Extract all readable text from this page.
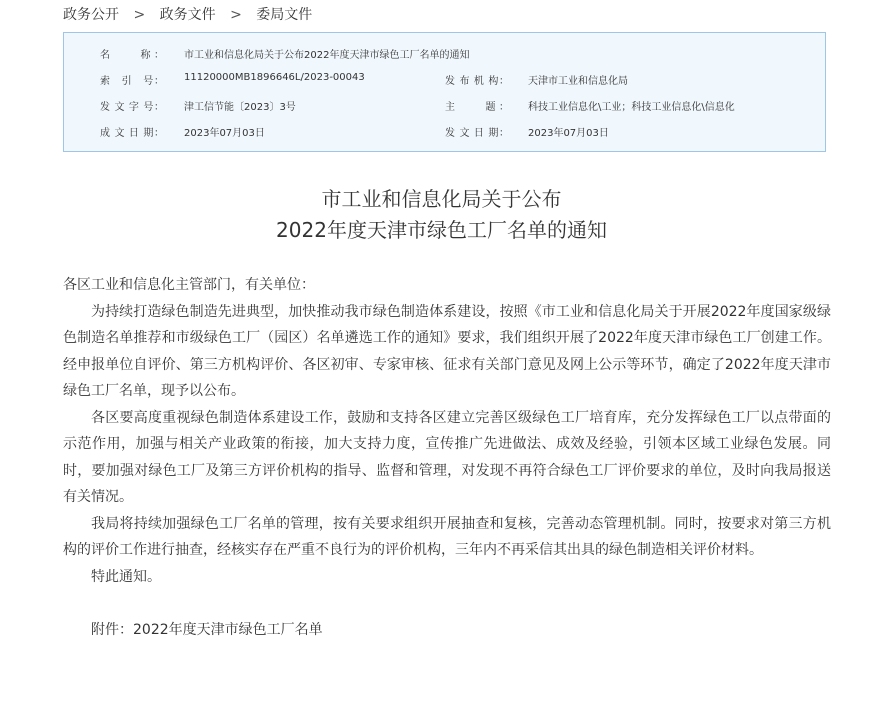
政务公开 > 政务文件 > 委局文件
名　　称： 市工业和信息化局关于公布2022年度天津市绿色工厂名单的通知
索　引　号： 11120000MB1896646L/2023-00043	发 布 机 构： 天津市工业和信息化局
发 文 字 号： 津工信节能〔2023〕3号	主　　题： 科技工业信息化\工业；科技工业信息化\信息化
成 文 日 期： 2023年07月03日	发 文 日 期： 2023年07月03日
市工业和信息化局关于公布
2022年度天津市绿色工厂名单的通知

各区工业和信息化主管部门，有关单位：

为持续打造绿色制造先进典型，加快推动我市绿色制造体系建设，按照《市工业和信息化局关于开展2022年度国家级绿色制造名单推荐和市级绿色工厂（园区）名单遴选工作的通知》要求，我们组织开展了2022年度天津市绿色工厂创建工作。经申报单位自评价、第三方机构评价、各区初审、专家审核、征求有关部门意见及网上公示等环节，确定了2022年度天津市绿色工厂名单，现予以公布。

各区要高度重视绿色制造体系建设工作，鼓励和支持各区建立完善区级绿色工厂培育库，充分发挥绿色工厂以点带面的示范作用，加强与相关产业政策的衔接，加大支持力度，宣传推广先进做法、成效及经验，引领本区域工业绿色发展。同时，要加强对绿色工厂及第三方评价机构的指导、监督和管理，对发现不再符合绿色工厂评价要求的单位，及时向我局报送有关情况。

我局将持续加强绿色工厂名单的管理，按有关要求组织开展抽查和复核，完善动态管理机制。同时，按要求对第三方机构的评价工作进行抽查，经核实存在严重不良行为的评价机构，三年内不再采信其出具的绿色制造相关评价材料。

特此通知。

附件：2022年度天津市绿色工厂名单
